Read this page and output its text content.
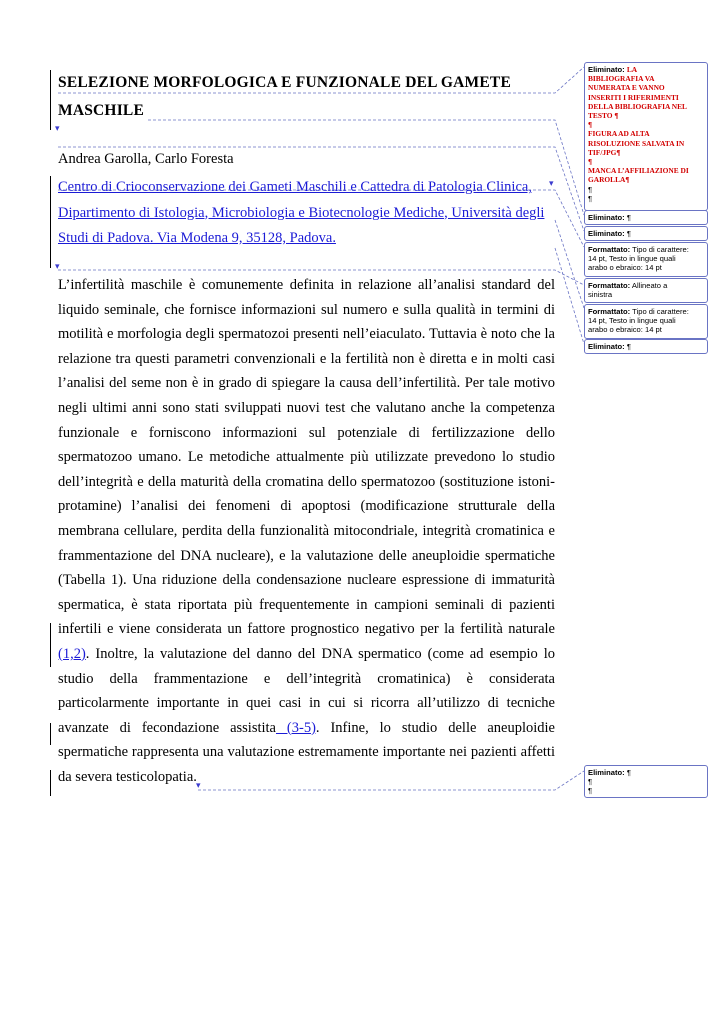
SELEZIONE MORFOLOGICA E FUNZIONALE DEL GAMETE
MASCHILE
Andrea Garolla, Carlo Foresta
Centro di Crioconservazione dei Gameti Maschili e Cattedra di Patologia Clinica,
Dipartimento di Istologia, Microbiologia e Biotecnologie Mediche, Università degli
Studi di Padova. Via Modena 9, 35128, Padova.
L’infertilità maschile è comunemente definita in relazione all’analisi standard del
liquido seminale, che fornisce informazioni sul numero e sulla qualità in termini di
motilità e morfologia degli spermatozoi presenti nell’eiaculato. Tuttavia è noto che la
relazione tra questi parametri convenzionali e la fertilità non è diretta e in molti casi
l’analisi del seme non è in grado di spiegare la causa dell’infertilità. Per tale motivo
negli ultimi anni sono stati sviluppati nuovi test che valutano anche la competenza
funzionale e forniscono informazioni sul potenziale di fertilizzazione dello
spermatozoo umano. Le metodiche attualmente più utilizzate prevedono lo studio
dell’integrità e della maturità della cromatina dello spermatozoo (sostituzione istoni-
protamine) l’analisi dei fenomeni di apoptosi (modificazione strutturale della
membrana cellulare, perdita della funzionalità mitocondriale, integrità cromatinica e
frammentazione del DNA nucleare), e la valutazione delle aneuploidie spermatiche
(Tabella 1). Una riduzione della condensazione nucleare espressione di immaturità
spermatica, è stata riportata più frequentemente in campioni seminali di pazienti
infertili e viene considerata un fattore prognostico negativo per la fertilità naturale
(1,2). Inoltre, la valutazione del danno del DNA spermatico (come ad esempio lo
studio della frammentazione e dell’integrità cromatinica) è considerata
particolarmente importante in quei casi in cui si ricorra all’utilizzo di tecniche
avanzate di fecondazione assistita (3-5). Infine, lo studio delle aneuploidie
spermatiche rappresenta una valutazione estremamente importante nei pazienti affetti
da severa testicolopatia.
▾
▾
▾
▾
Eliminato: LA
BIBLIOGRAFIA VA
NUMERATA E VANNO
INSERITI I RIFERIMENTI
DELLA BIBLIOGRAFIA NEL
TESTO ¶
¶
FIGURA AD ALTA
RISOLUZIONE SALVATA IN
TIF/JPG¶
¶
MANCA L’AFFILIAZIONE DI
GAROLLA¶
¶
¶
Eliminato: ¶
Eliminato: ¶
Formattato: Tipo di carattere:
14 pt, Testo in lingue quali
arabo o ebraico: 14 pt
Formattato: Allineato a
sinistra
Formattato: Tipo di carattere:
14 pt, Testo in lingue quali
arabo o ebraico: 14 pt
Eliminato: ¶
Eliminato: ¶
¶
¶
